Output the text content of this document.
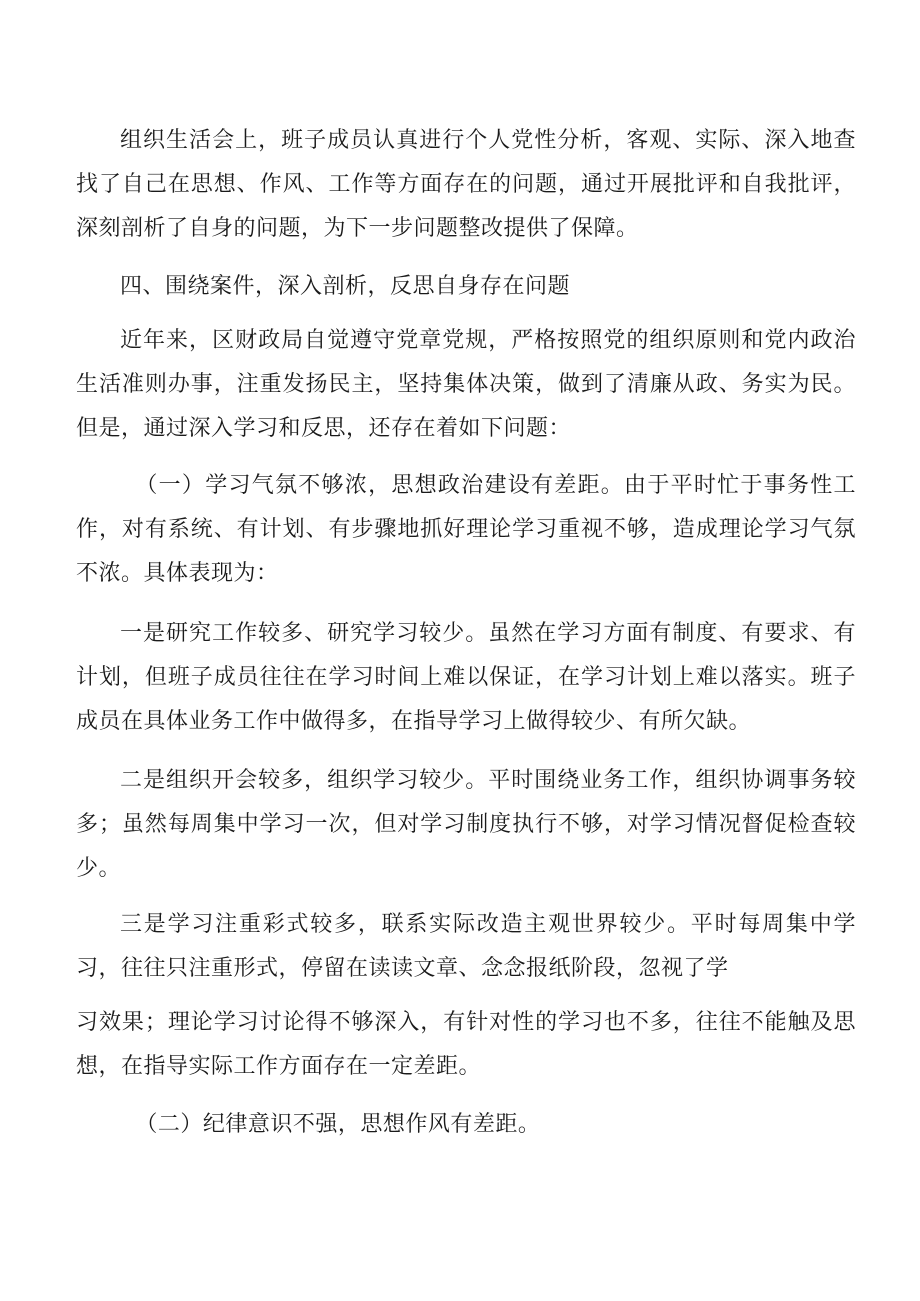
组织生活会上，班子成员认真进行个人党性分析，客观、实际、深入地查找了自己在思想、作风、工作等方面存在的问题，通过开展批评和自我批评，深刻剖析了自身的问题，为下一步问题整改提供了保障。

四、围绕案件，深入剖析，反思自身存在问题

近年来，区财政局自觉遵守党章党规，严格按照党的组织原则和党内政治生活准则办事，注重发扬民主，坚持集体决策，做到了清廉从政、务实为民。但是，通过深入学习和反思，还存在着如下问题：

（一）学习气氛不够浓，思想政治建设有差距。由于平时忙于事务性工作，对有系统、有计划、有步骤地抓好理论学习重视不够，造成理论学习气氛不浓。具体表现为：

一是研究工作较多、研究学习较少。虽然在学习方面有制度、有要求、有计划，但班子成员往往在学习时间上难以保证，在学习计划上难以落实。班子成员在具体业务工作中做得多，在指导学习上做得较少、有所欠缺。

二是组织开会较多，组织学习较少。平时围绕业务工作，组织协调事务较多；虽然每周集中学习一次，但对学习制度执行不够，对学习情况督促检查较少。

三是学习注重彩式较多，联系实际改造主观世界较少。平时每周集中学习，往往只注重形式，停留在读读文章、念念报纸阶段，忽视了学

习效果；理论学习讨论得不够深入，有针对性的学习也不多，往往不能触及思想，在指导实际工作方面存在一定差距。

（二）纪律意识不强，思想作风有差距。
